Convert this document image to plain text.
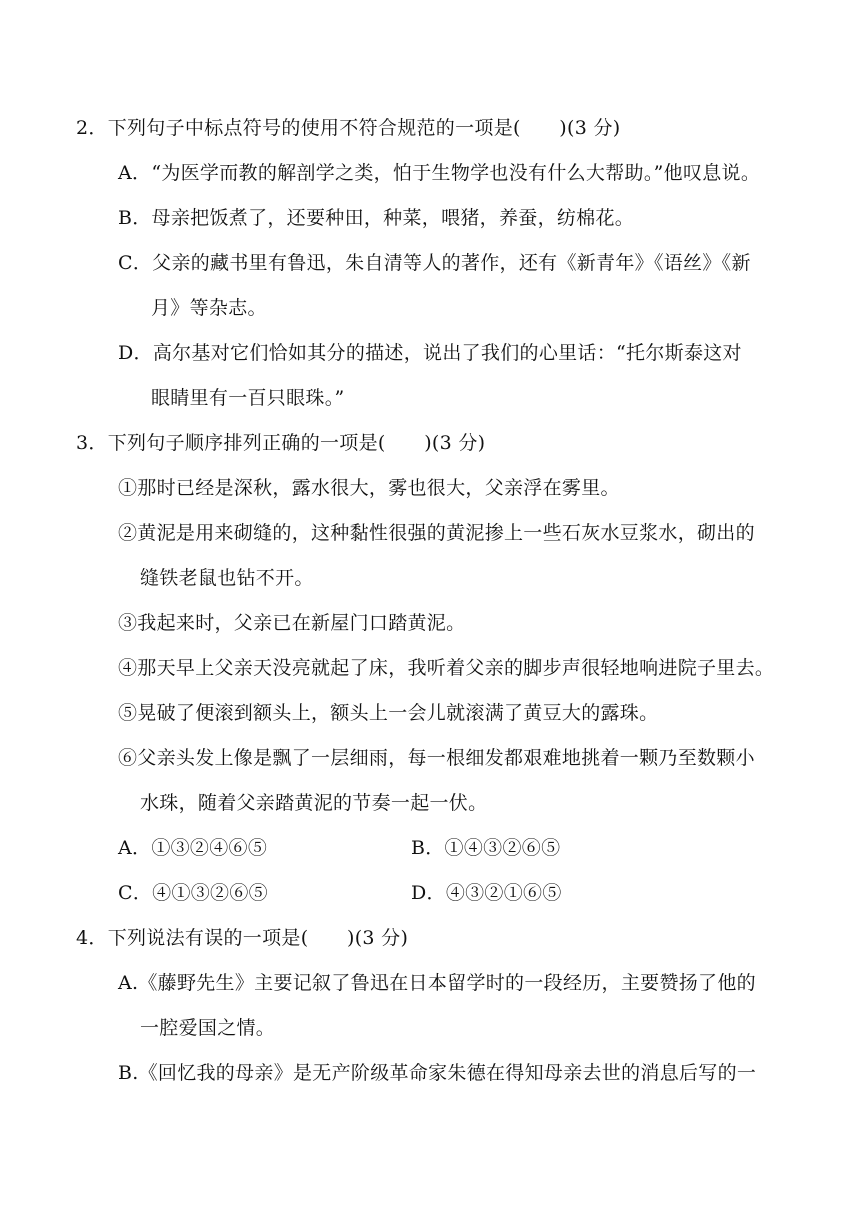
2．下列句子中标点符号的使用不符合规范的一项是(　　)(3 分)
A．“为医学而教的解剖学之类，怕于生物学也没有什么大帮助。”他叹息说。
B．母亲把饭煮了，还要种田，种菜，喂猪，养蚕，纺棉花。
C．父亲的藏书里有鲁迅，朱自清等人的著作，还有《新青年》《语丝》《新
月》等杂志。
D．高尔基对它们恰如其分的描述，说出了我们的心里话：“托尔斯泰这对
眼睛里有一百只眼珠。”
3．下列句子顺序排列正确的一项是(　　)(3 分)
①那时已经是深秋，露水很大，雾也很大，父亲浮在雾里。
②黄泥是用来砌缝的，这种黏性很强的黄泥掺上一些石灰水豆浆水，砌出的
缝铁老鼠也钻不开。
③我起来时，父亲已在新屋门口踏黄泥。
④那天早上父亲天没亮就起了床，我听着父亲的脚步声很轻地响进院子里去。
⑤晃破了便滚到额头上，额头上一会儿就滚满了黄豆大的露珠。
⑥父亲头发上像是飘了一层细雨，每一根细发都艰难地挑着一颗乃至数颗小
水珠，随着父亲踏黄泥的节奏一起一伏。
A．①③②④⑥⑤	B．①④③②⑥⑤
C．④①③②⑥⑤	D．④③②①⑥⑤
4．下列说法有误的一项是(　　)(3 分)
A.《藤野先生》主要记叙了鲁迅在日本留学时的一段经历，主要赞扬了他的
一腔爱国之情。
B.《回忆我的母亲》是无产阶级革命家朱德在得知母亲去世的消息后写的一
